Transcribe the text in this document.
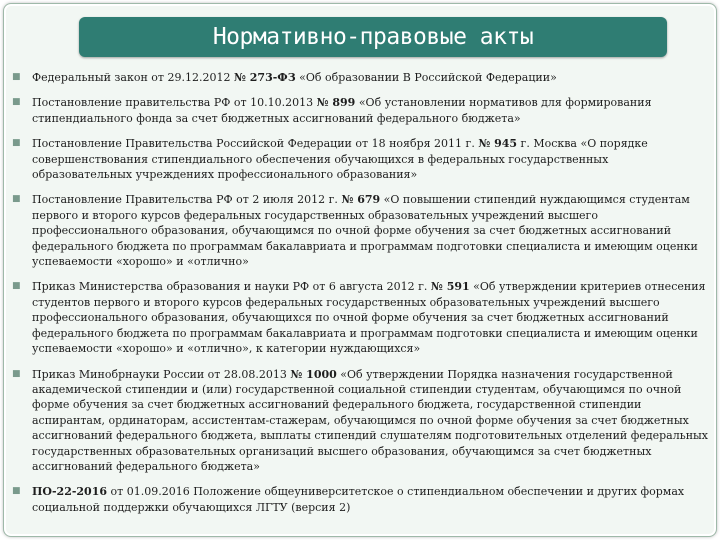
Нормативно-правовые акты
■ Федеральный закон от 29.12.2012 № 273-ФЗ «Об образовании В Российской Федерации»
■ Постановление правительства РФ от 10.10.2013 № 899 «Об установлении нормативов для формирования стипендиального фонда за счет бюджетных ассигнований федерального бюджета»
■ Постановление Правительства Российской Федерации от 18 ноября 2011 г. № 945 г. Москва «О порядке совершенствования стипендиального обеспечения обучающихся в федеральных государственных образовательных учреждениях профессионального образования»
■ Постановление Правительства РФ от 2 июля 2012 г. № 679 «О повышении стипендий нуждающимся студентам первого и второго курсов федеральных государственных образовательных учреждений высшего профессионального образования, обучающимся по очной форме обучения за счет бюджетных ассигнований федерального бюджета по программам бакалавриата и программам подготовки специалиста и имеющим оценки успеваемости «хорошо» и «отлично»
■ Приказ Министерства образования и науки РФ от 6 августа 2012 г. № 591 «Об утверждении критериев отнесения студентов первого и второго курсов федеральных государственных образовательных учреждений высшего профессионального образования, обучающихся по очной форме обучения за счет бюджетных ассигнований федерального бюджета по программам бакалавриата и программам подготовки специалиста и имеющим оценки успеваемости «хорошо» и «отлично», к категории нуждающихся»
■ Приказ Минобрнауки России от 28.08.2013 № 1000 «Об утверждении Порядка назначения государственной академической стипендии и (или) государственной социальной стипендии студентам, обучающимся по очной форме обучения за счет бюджетных ассигнований федерального бюджета, государственной стипендии аспирантам, ординаторам, ассистентам-стажерам, обучающимся по очной форме обучения за счет бюджетных ассигнований федерального бюджета, выплаты стипендий слушателям подготовительных отделений федеральных государственных образовательных организаций высшего образования, обучающимся за счет бюджетных ассигнований федерального бюджета»
■ ПО-22-2016 от 01.09.2016 Положение общеуниверситетское о стипендиальном обеспечении и других формах социальной поддержки обучающихся ЛГТУ (версия 2)
